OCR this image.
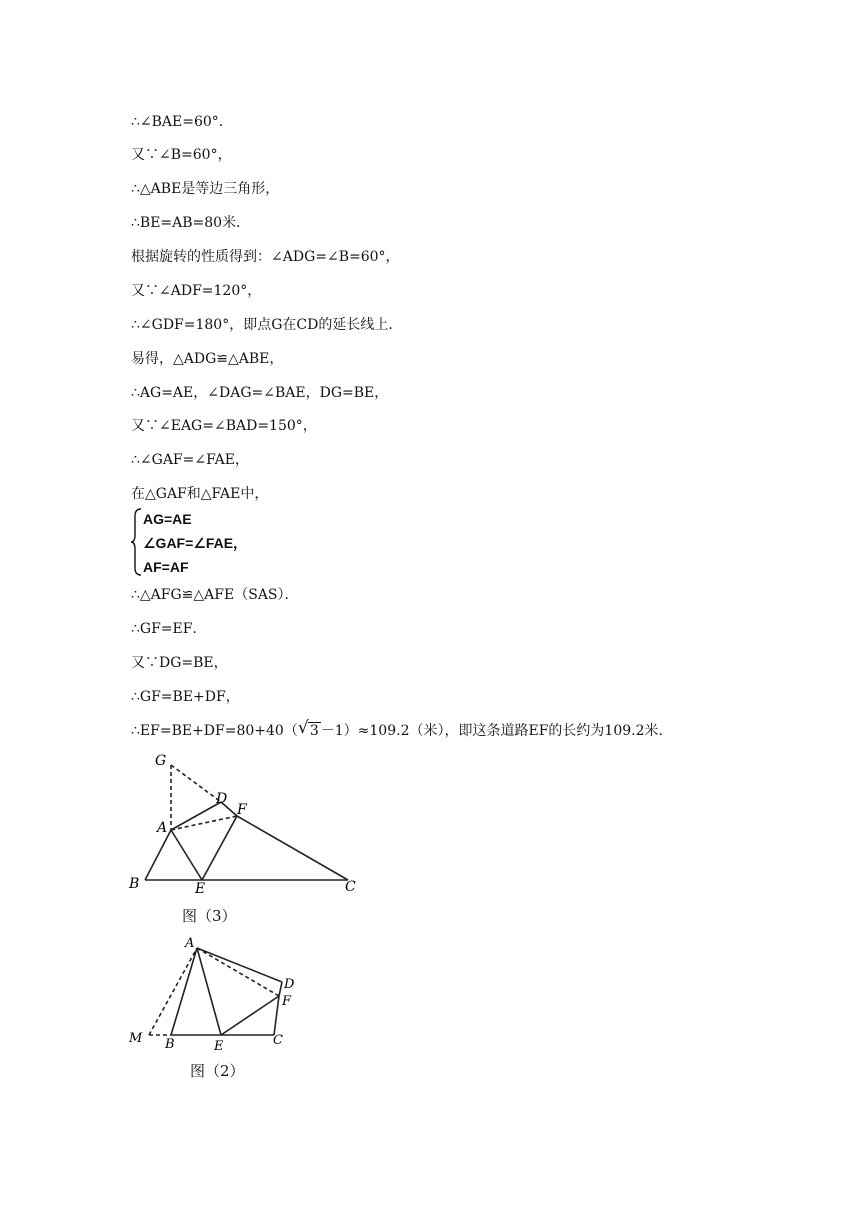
∴∠BAE=60°．
又∵∠B=60°，
∴△ABE是等边三角形，
∴BE=AB=80米．
根据旋转的性质得到：∠ADG=∠B=60°，
又∵∠ADF=120°，
∴∠GDF=180°，即点G在CD的延长线上．
易得，△ADG≌△ABE，
∴AG=AE，∠DAG=∠BAE，DG=BE，
又∵∠EAG=∠BAD=150°，
∴∠GAF=∠FAE，
在△GAF和△FAE中，
AG=AE
∠GAF=∠FAE，
AF=AF
∴△AFG≌△AFE（SAS）．
∴GF=EF．
又∵DG=BE，
∴GF=BE+DF，
∴EF=BE+DF=80+40（ √ 3 －1）≈109.2（米），即这条道路EF的长约为109.2米．
G
D
F
A
B	E	C
图（3）
A
D
F
M B	E	C
图（2）
